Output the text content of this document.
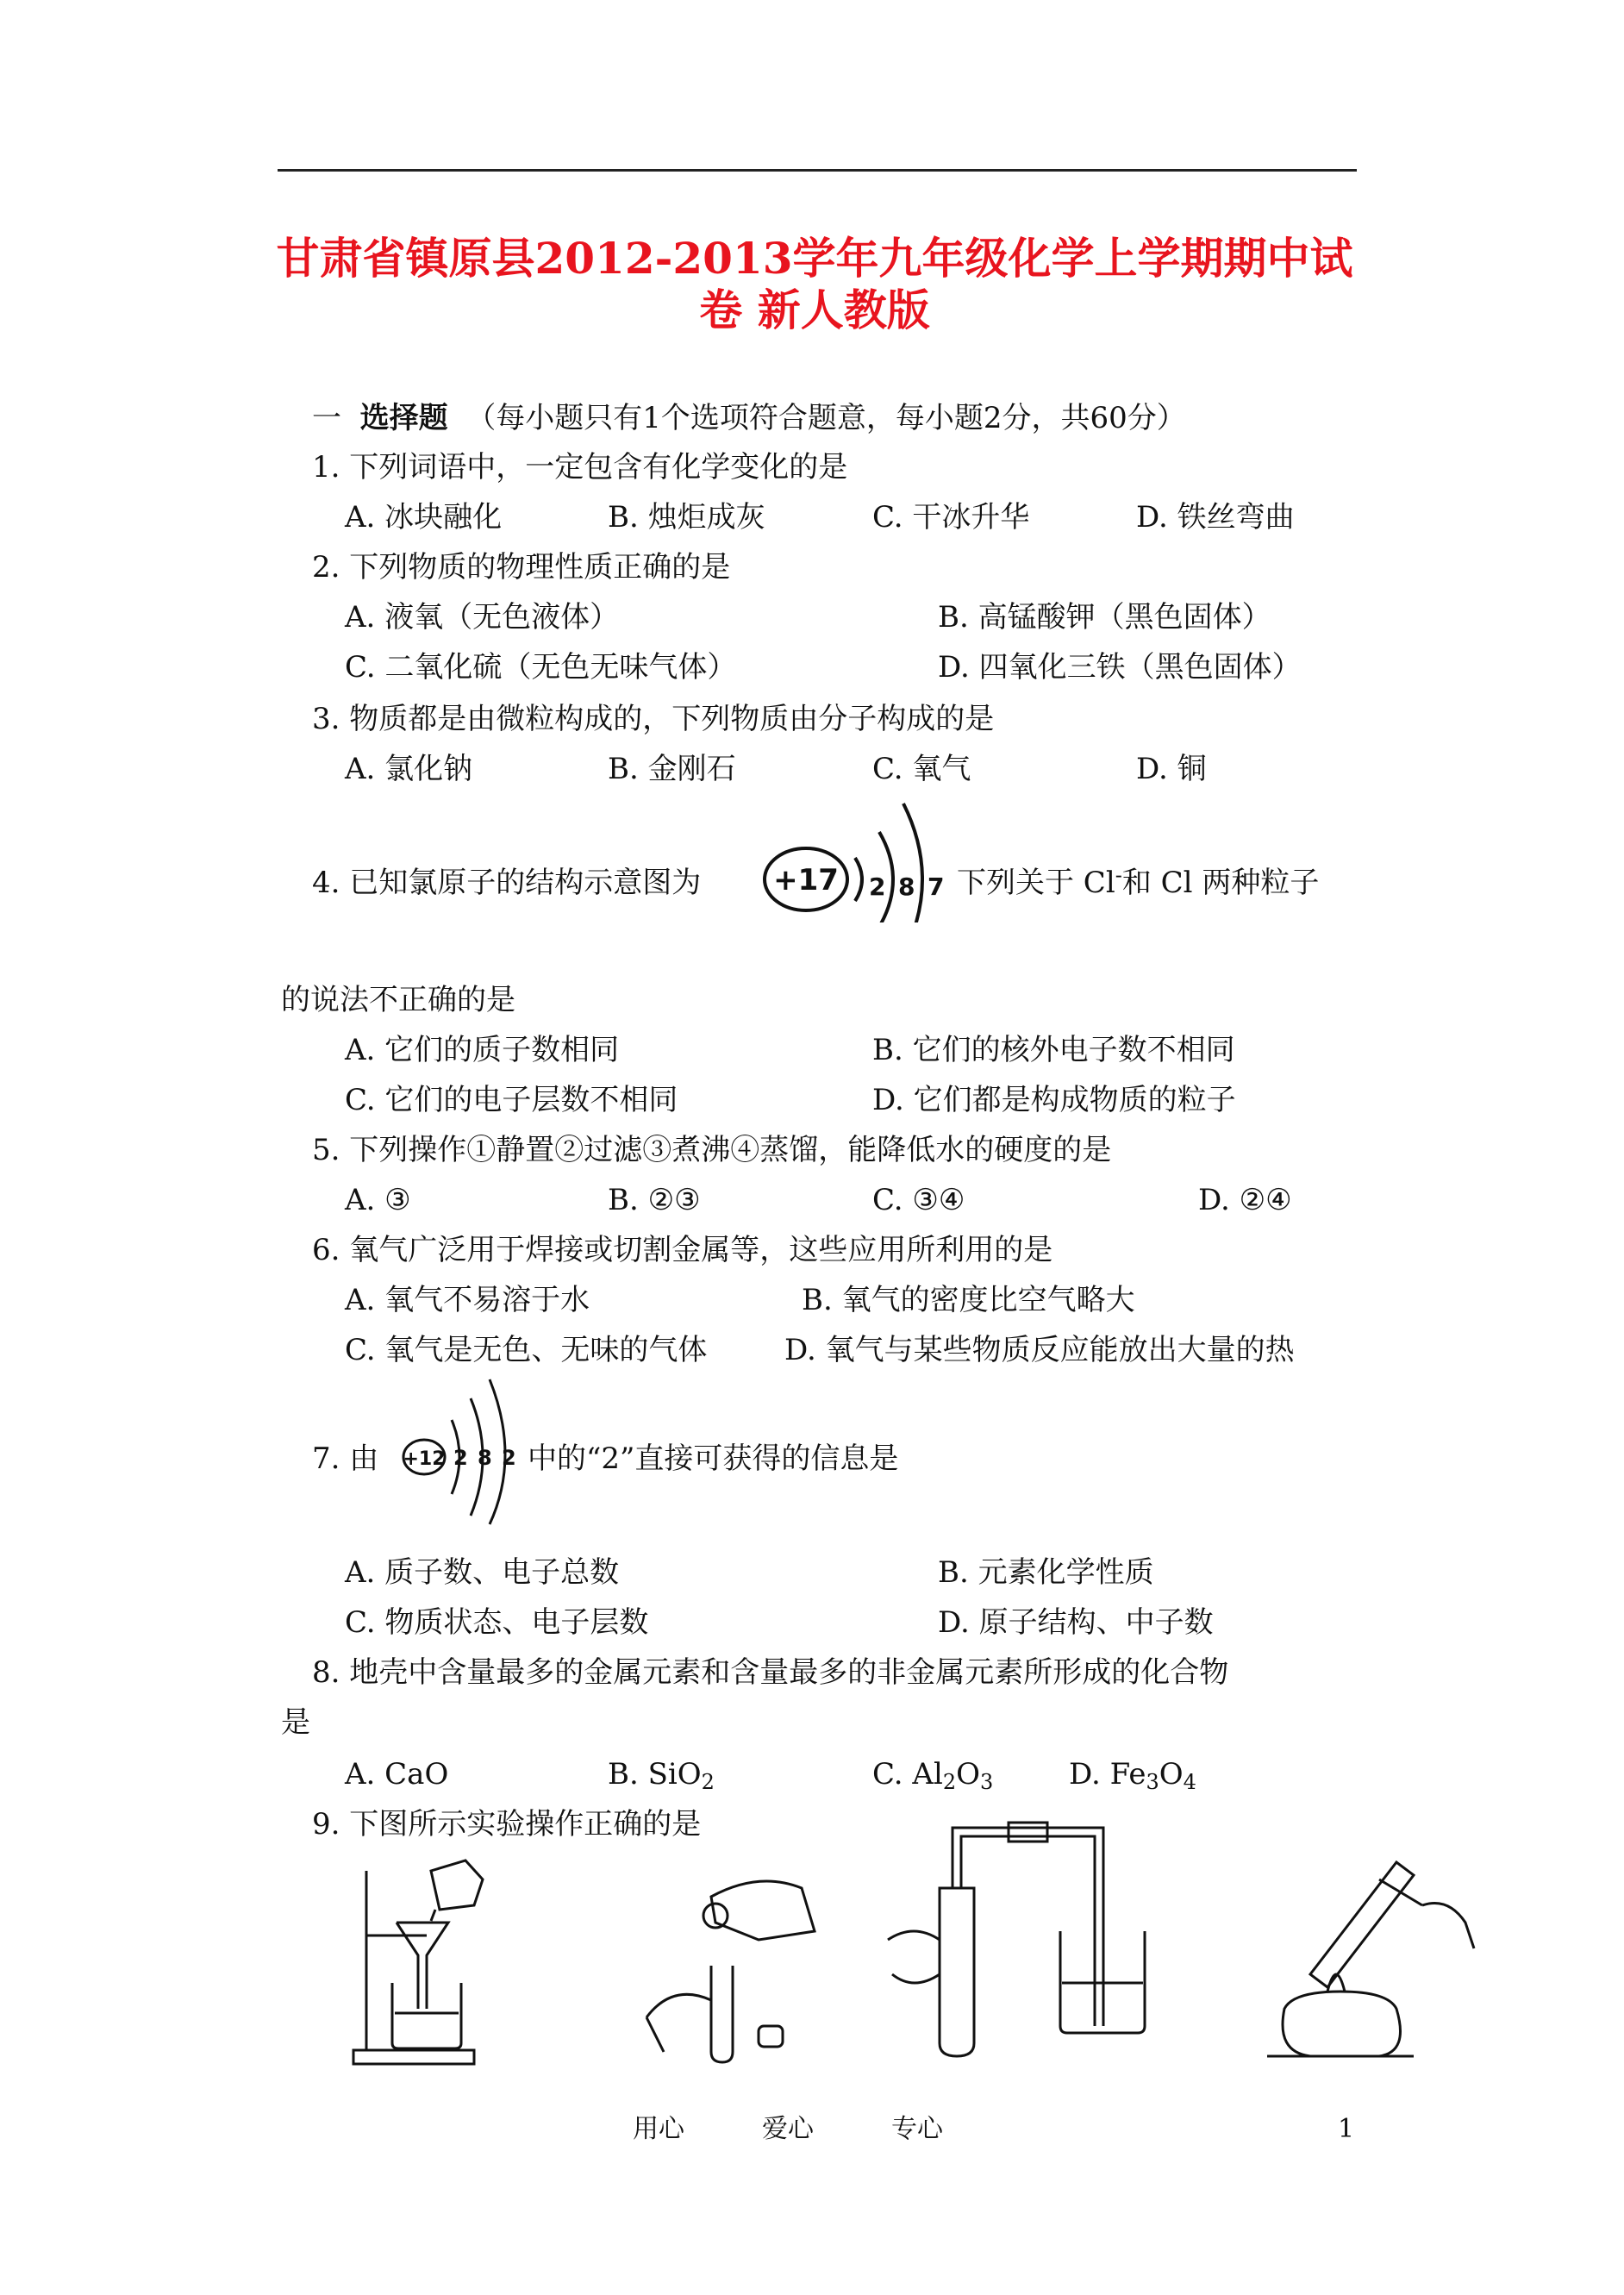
甘肃省镇原县2012-2013学年九年级化学上学期期中试
卷 新人教版
一 选择题 （每小题只有1个选项符合题意，每小题2分，共60分）
1. 下列词语中，一定包含有化学变化的是
A. 冰块融化	B. 烛炬成灰	C. 干冰升华	D. 铁丝弯曲
2. 下列物质的物理性质正确的是
A. 液氧（无色液体）	B. 高锰酸钾（黑色固体）
C. 二氧化硫（无色无味气体）	D. 四氧化三铁（黑色固体）
3. 物质都是由微粒构成的，下列物质由分子构成的是
A. 氯化钠	B. 金刚石	C. 氧气	D. 铜
4. 已知氯原子的结构示意图为 +17 2 8 7 下列关于 Cl-和 Cl 两种粒子
的说法不正确的是
A. 它们的质子数相同	B. 它们的核外电子数不相同
C. 它们的电子层数不相同	D. 它们都是构成物质的粒子
5. 下列操作①静置②过滤③煮沸④蒸馏，能降低水的硬度的是
A. ③	B. ②③	C. ③④	D. ②④
6. 氧气广泛用于焊接或切割金属等，这些应用所利用的是
A. 氧气不易溶于水	B. 氧气的密度比空气略大
C. 氧气是无色、无味的气体	D. 氧气与某些物质反应能放出大量的热
7. 由 +12 2 8 2 中的“2”直接可获得的信息是
A. 质子数、电子总数	B. 元素化学性质
C. 物质状态、电子层数	D. 原子结构、中子数
8. 地壳中含量最多的金属元素和含量最多的非金属元素所形成的化合物
是
A. CaO	B. SiO$_2$	C. $Al_2O_3$	D. $Fe_3O_4$
9. 下图所示实验操作正确的是
用心	爱心	专心	1
